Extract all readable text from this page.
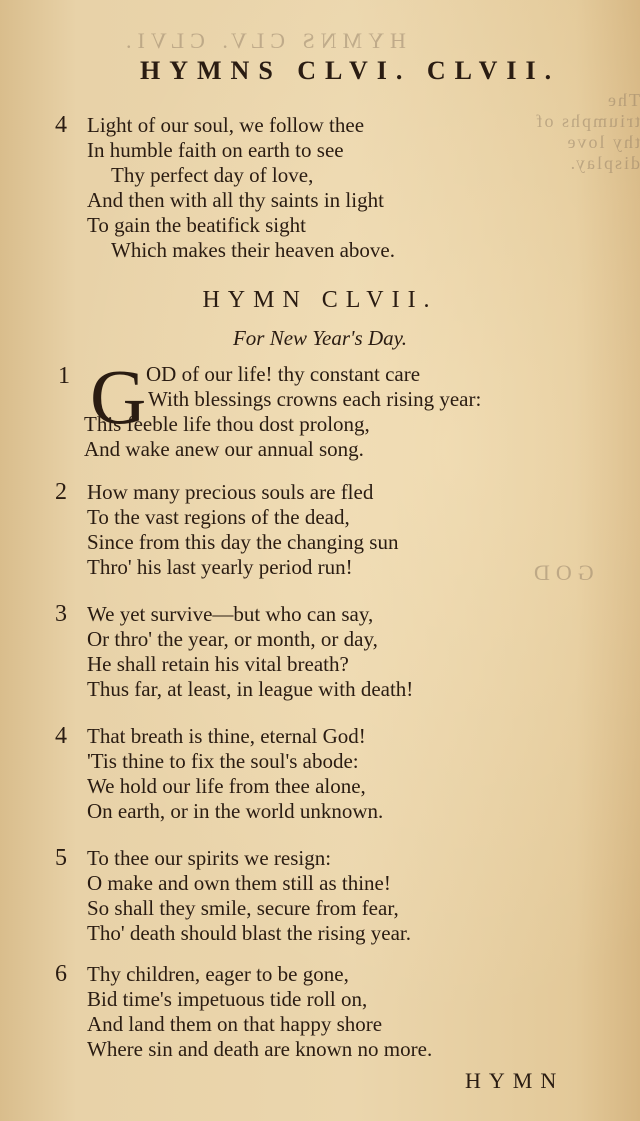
HYMNS CLV. CLVI.
The triumphs of thy love display.
GOD
HYMNS CLVI. CLVII.
4 Light of our soul, we follow thee
In humble faith on earth to see
Thy perfect day of love,
And then with all thy saints in light
To gain the beatifick sight
Which makes their heaven above.
HYMN CLVII.
For New Year's Day.
1 G OD of our life! thy constant care
With blessings crowns each rising year:
This feeble life thou dost prolong,
And wake anew our annual song.
2 How many precious souls are fled
To the vast regions of the dead,
Since from this day the changing sun
Thro' his last yearly period run!
3 We yet survive—but who can say,
Or thro' the year, or month, or day,
He shall retain his vital breath?
Thus far, at least, in league with death!
4 That breath is thine, eternal God!
'Tis thine to fix the soul's abode:
We hold our life from thee alone,
On earth, or in the world unknown.
5 To thee our spirits we resign:
O make and own them still as thine!
So shall they smile, secure from fear,
Tho' death should blast the rising year.
6 Thy children, eager to be gone,
Bid time's impetuous tide roll on,
And land them on that happy shore
Where sin and death are known no more.
HYMN
